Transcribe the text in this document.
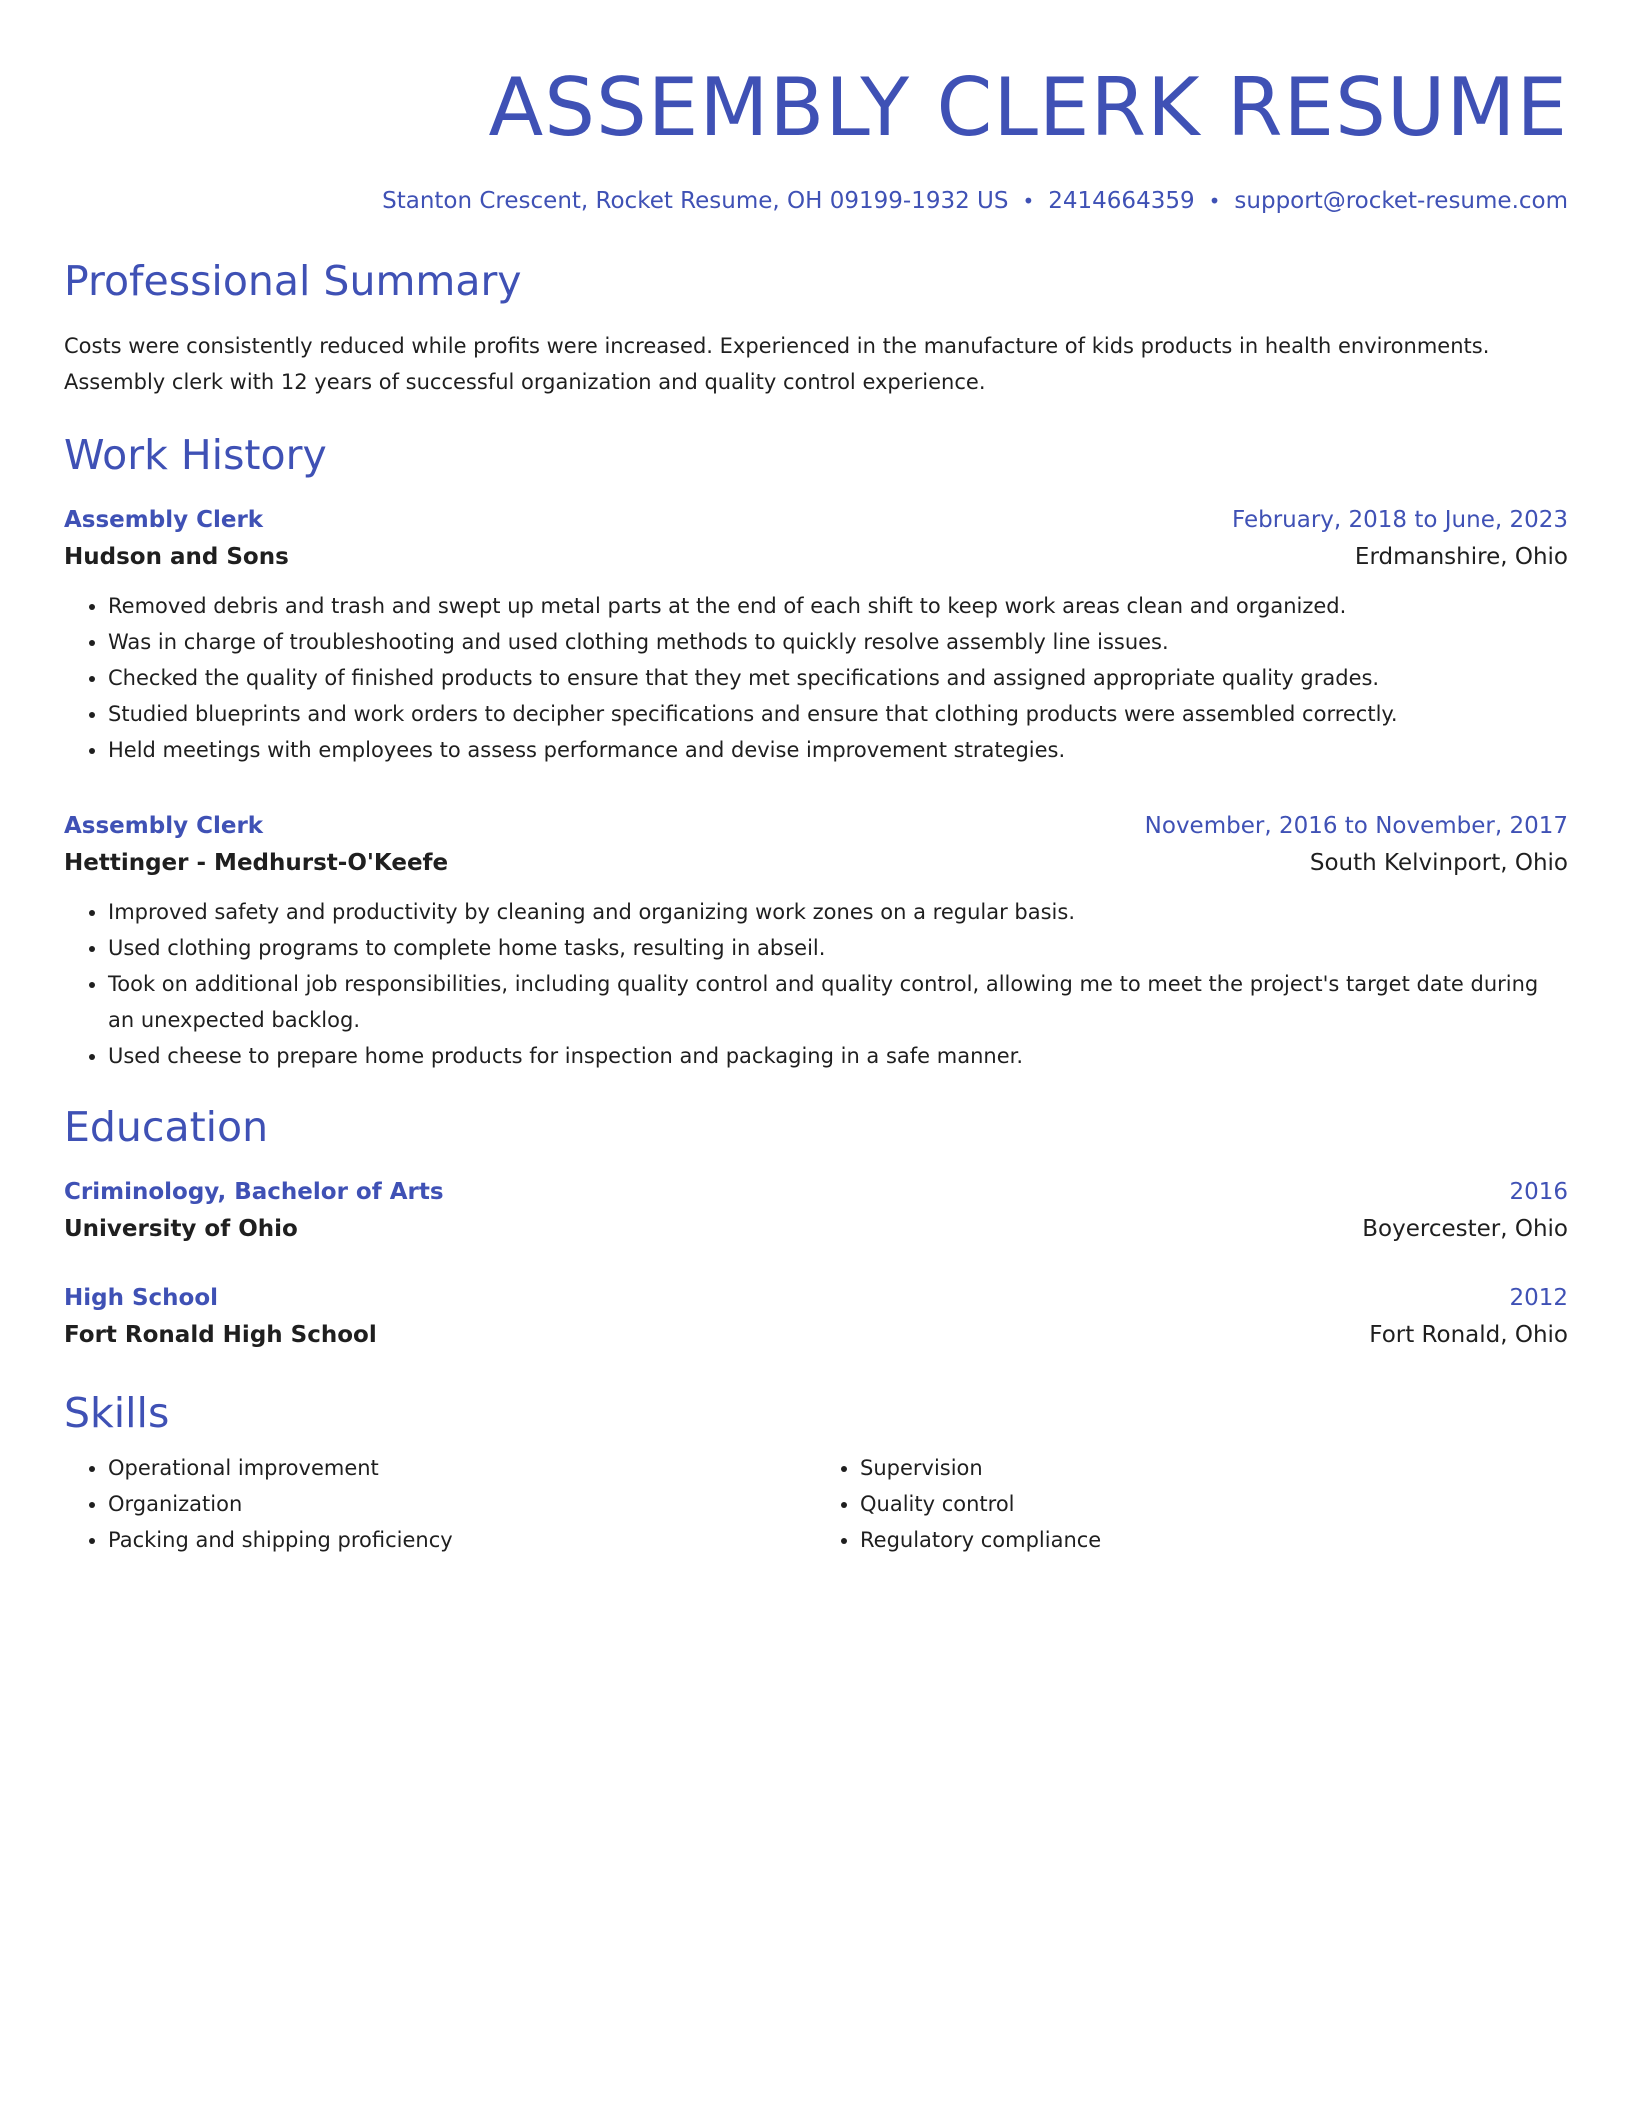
ASSEMBLY CLERK RESUME
Stanton Crescent, Rocket Resume, OH 09199-1932 US • 2414664359 • support@rocket-resume.com
Professional Summary
Costs were consistently reduced while profits were increased. Experienced in the manufacture of kids products in health environments. Assembly clerk with 12 years of successful organization and quality control experience.
Work History
Assembly Clerk	February, 2018 to June, 2023
Hudson and Sons	Erdmanshire, Ohio
• Removed debris and trash and swept up metal parts at the end of each shift to keep work areas clean and organized.
• Was in charge of troubleshooting and used clothing methods to quickly resolve assembly line issues.
• Checked the quality of finished products to ensure that they met specifications and assigned appropriate quality grades.
• Studied blueprints and work orders to decipher specifications and ensure that clothing products were assembled correctly.
• Held meetings with employees to assess performance and devise improvement strategies.
Assembly Clerk	November, 2016 to November, 2017
Hettinger - Medhurst-O'Keefe	South Kelvinport, Ohio
• Improved safety and productivity by cleaning and organizing work zones on a regular basis.
• Used clothing programs to complete home tasks, resulting in abseil.
• Took on additional job responsibilities, including quality control and quality control, allowing me to meet the project's target date during an unexpected backlog.
• Used cheese to prepare home products for inspection and packaging in a safe manner.
Education
Criminology, Bachelor of Arts	2016
University of Ohio	Boyercester, Ohio
High School	2012
Fort Ronald High School	Fort Ronald, Ohio
Skills
• Operational improvement
• Organization
• Packing and shipping proficiency
• Supervision
• Quality control
• Regulatory compliance
